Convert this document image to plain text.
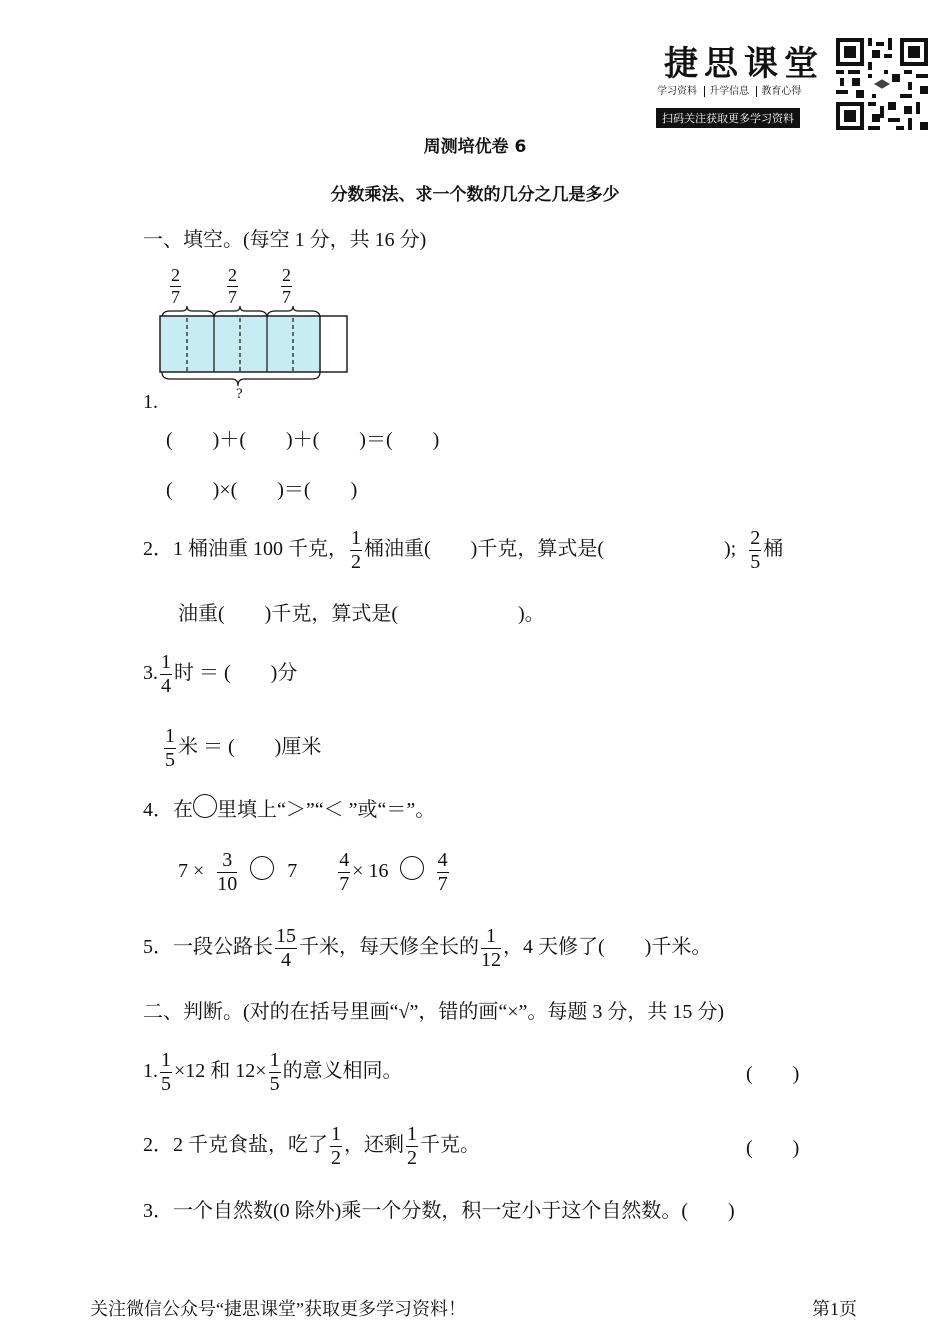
捷思课堂
学习资料 升学信息 教育心得
扫码关注获取更多学习资料
周测培优卷 6
分数乘法、求一个数的几分之几是多少
一、填空。(每空 1 分，共 16 分)
$\frac{2}{7}$	$\frac{2}{7} \frac{2}{7}$
?
1.
(　　)＋(　　)＋(　　)＝(　　)
(　　)×(　　)＝(　　)
2．1 桶油重 100 千克， $\frac{1}{2}$ 桶油重(　　)千克，算式是(　　　　　　); $\frac{2}{5}$ 桶
油重(　　)千克，算式是(　　　　　　)。
3. $\frac{1}{4}$ 时 ＝ (　　)分
$\frac{1}{5}$ 米 ＝ (　　)厘米
4．在 里填上“＞”“＜ ”或“＝”。
$7 \times \frac{3}{10}$	$7 \frac{4}{7} \times 16 \frac{4}{7}$
5．一段公路长 $\frac{15}{4}$ 千米，每天修全长的 $\frac{1}{12}$ ，4 天修了(　　)千米。
二、判断。(对的在括号里画“√”，错的画“×”。每题 3 分，共 15 分)
1. $\frac{1}{5} \times 12$ 和 $12\times \frac{1}{5}$ 的意义相同。	(　　)
2．2 千克食盐，吃了 $\frac{1}{2}$ ，还剩 $\frac{1}{2}$ 千克。	(　　)
3．一个自然数(0 除外)乘一个分数，积一定小于这个自然数。(　　)
关注微信公众号“捷思课堂”获取更多学习资料！	第1页
